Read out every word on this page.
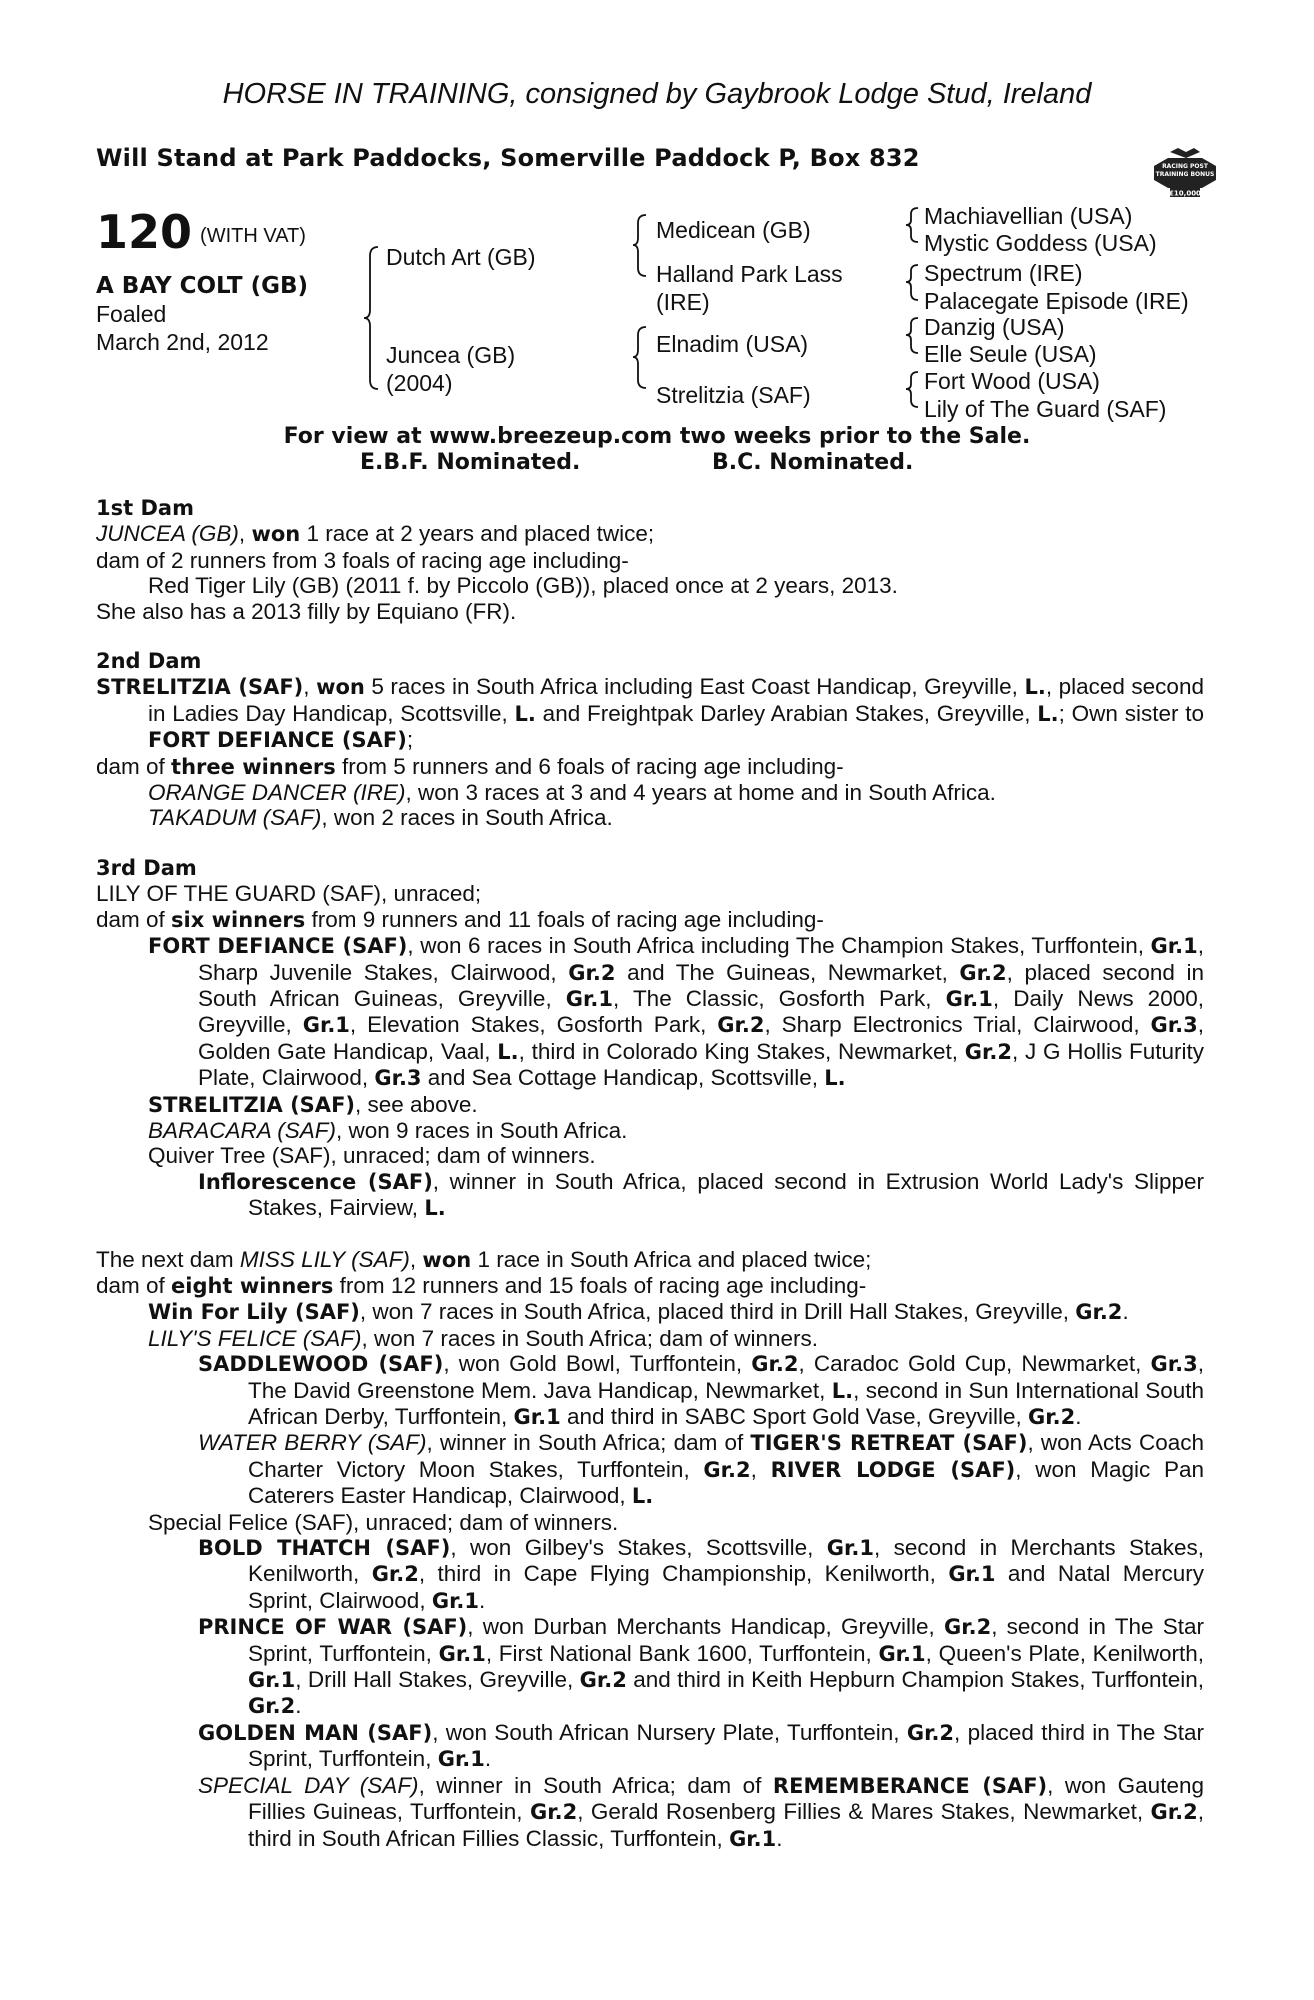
HORSE IN TRAINING, consigned by Gaybrook Lodge Stud, Ireland
Will Stand at Park Paddocks, Somerville Paddock P, Box 832	RACING POST
TRAINING BONUS
£10,000
120 (WITH VAT)
A BAY COLT (GB)
Foaled
March 2nd, 2012
Dutch Art (GB)
Juncea (GB)
(2004)
Medicean (GB)
Halland Park Lass
(IRE)
Elnadim (USA)
Strelitzia (SAF)
Machiavellian (USA)
Mystic Goddess (USA)
Spectrum (IRE)
Palacegate Episode (IRE)
Danzig (USA)
Elle Seule (USA)
Fort Wood (USA)
Lily of The Guard (SAF)
For view at www.breezeup.com two weeks prior to the Sale.
E.B.F. Nominated.	B.C. Nominated.

1st Dam

JUNCEA (GB), won 1 race at 2 years and placed twice;

dam of 2 runners from 3 foals of racing age including-

Red Tiger Lily (GB) (2011 f. by Piccolo (GB)), placed once at 2 years, 2013.

She also has a 2013 filly by Equiano (FR).

2nd Dam

STRELITZIA (SAF), won 5 races in South Africa including East Coast Handicap, Greyville, L., placed second in Ladies Day Handicap, Scottsville, L. and Freightpak Darley Arabian Stakes, Greyville, L.; Own sister to FORT DEFIANCE (SAF);

dam of three winners from 5 runners and 6 foals of racing age including-

ORANGE DANCER (IRE), won 3 races at 3 and 4 years at home and in South Africa.

TAKADUM (SAF), won 2 races in South Africa.

3rd Dam

LILY OF THE GUARD (SAF), unraced;

dam of six winners from 9 runners and 11 foals of racing age including-

FORT DEFIANCE (SAF), won 6 races in South Africa including The Champion Stakes, Turffontein, Gr.1, Sharp Juvenile Stakes, Clairwood, Gr.2 and The Guineas, Newmarket, Gr.2, placed second in South African Guineas, Greyville, Gr.1, The Classic, Gosforth Park, Gr.1, Daily News 2000, Greyville, Gr.1, Elevation Stakes, Gosforth Park, Gr.2, Sharp Electronics Trial, Clairwood, Gr.3, Golden Gate Handicap, Vaal, L., third in Colorado King Stakes, Newmarket, Gr.2, J G Hollis Futurity Plate, Clairwood, Gr.3 and Sea Cottage Handicap, Scottsville, L.

STRELITZIA (SAF), see above.

BARACARA (SAF), won 9 races in South Africa.

Quiver Tree (SAF), unraced; dam of winners.

Inflorescence (SAF), winner in South Africa, placed second in Extrusion World Lady's Slipper Stakes, Fairview, L.

The next dam MISS LILY (SAF), won 1 race in South Africa and placed twice;

dam of eight winners from 12 runners and 15 foals of racing age including-

Win For Lily (SAF), won 7 races in South Africa, placed third in Drill Hall Stakes, Greyville, Gr.2.

LILY'S FELICE (SAF), won 7 races in South Africa; dam of winners.

SADDLEWOOD (SAF), won Gold Bowl, Turffontein, Gr.2, Caradoc Gold Cup, Newmarket, Gr.3, The David Greenstone Mem. Java Handicap, Newmarket, L., second in Sun International South African Derby, Turffontein, Gr.1 and third in SABC Sport Gold Vase, Greyville, Gr.2.

WATER BERRY (SAF), winner in South Africa; dam of TIGER'S RETREAT (SAF), won Acts Coach Charter Victory Moon Stakes, Turffontein, Gr.2, RIVER LODGE (SAF), won Magic Pan Caterers Easter Handicap, Clairwood, L.

Special Felice (SAF), unraced; dam of winners.

BOLD THATCH (SAF), won Gilbey's Stakes, Scottsville, Gr.1, second in Merchants Stakes, Kenilworth, Gr.2, third in Cape Flying Championship, Kenilworth, Gr.1 and Natal Mercury Sprint, Clairwood, Gr.1.

PRINCE OF WAR (SAF), won Durban Merchants Handicap, Greyville, Gr.2, second in The Star Sprint, Turffontein, Gr.1, First National Bank 1600, Turffontein, Gr.1, Queen's Plate, Kenilworth, Gr.1, Drill Hall Stakes, Greyville, Gr.2 and third in Keith Hepburn Champion Stakes, Turffontein, Gr.2.

GOLDEN MAN (SAF), won South African Nursery Plate, Turffontein, Gr.2, placed third in The Star Sprint, Turffontein, Gr.1.

SPECIAL DAY (SAF), winner in South Africa; dam of REMEMBERANCE (SAF), won Gauteng Fillies Guineas, Turffontein, Gr.2, Gerald Rosenberg Fillies & Mares Stakes, Newmarket, Gr.2, third in South African Fillies Classic, Turffontein, Gr.1.
